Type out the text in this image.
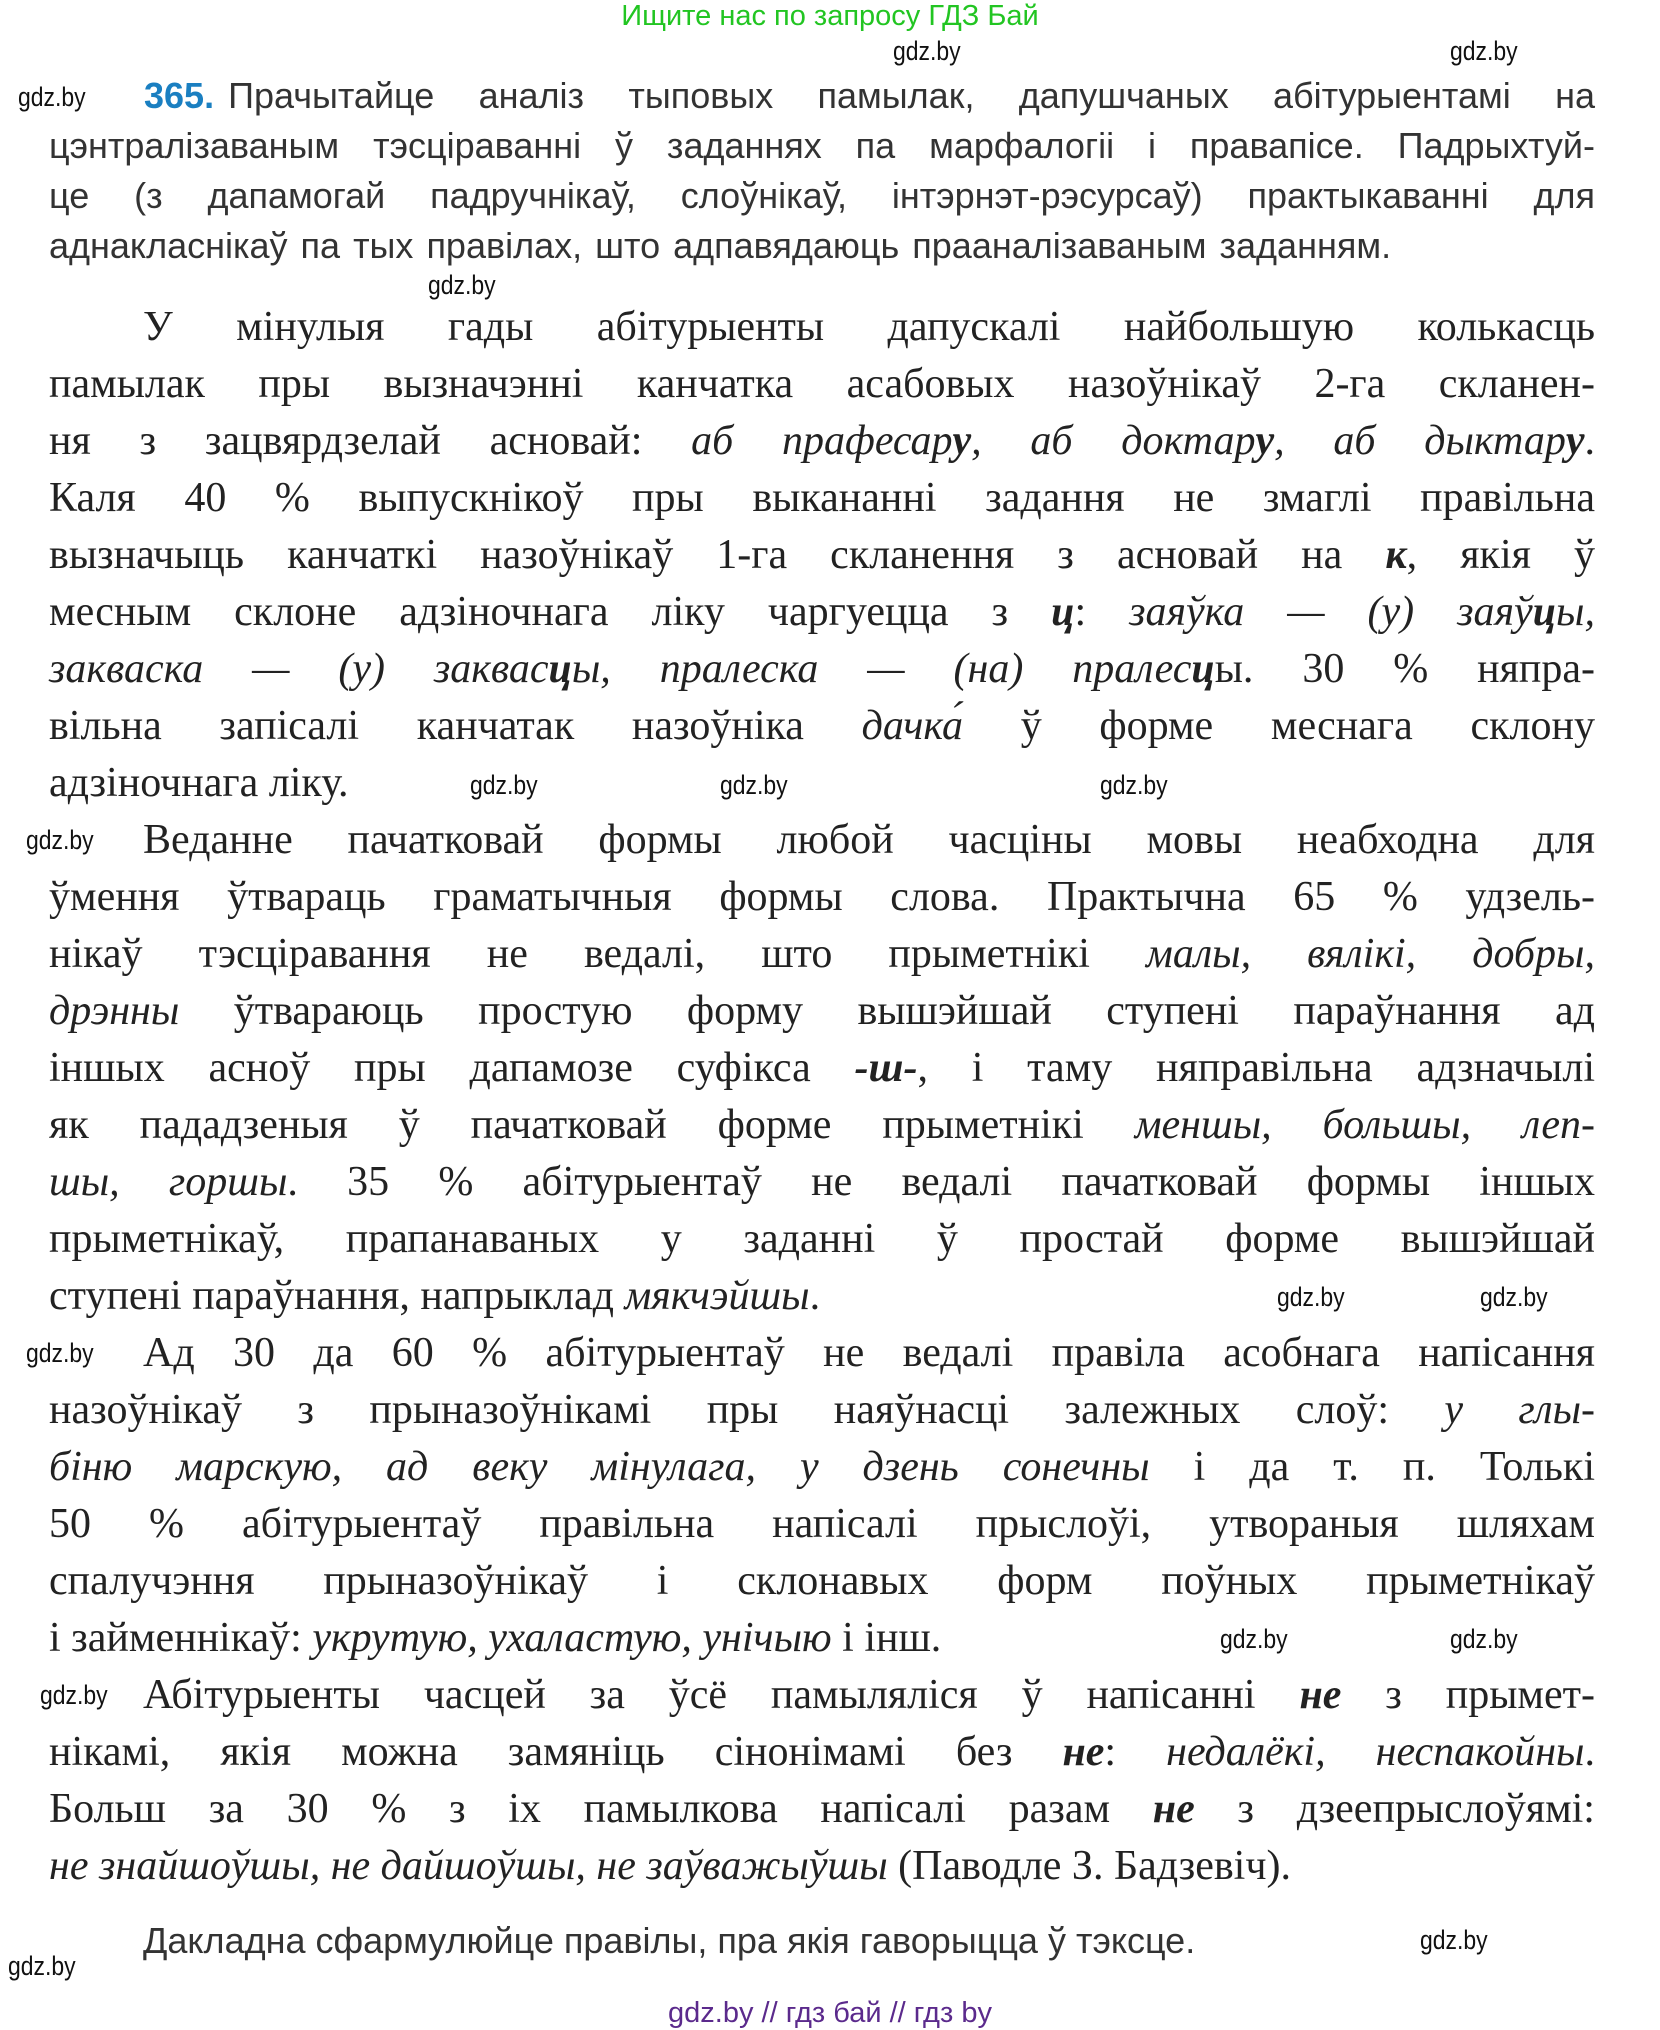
Ищите нас по запросу ГДЗ Бай
365. Прачытайце аналіз тыповых памылак, дапушчаных абітурыентамі на
цэнтралізаваным тэсціраванні ў заданнях па марфалогіі і правапісе. Падрыхтуй-
це (з дапамогай падручнікаў, слоўнікаў, інтэрнэт-рэсурсаў) практыкаванні для
аднакласнікаў па тых правілах, што адпавядаюць прааналізаваным заданням.
У мінулыя гады абітурыенты дапускалі найбольшую колькасць
памылак пры вызначэнні канчатка асабовых назоўнікаў 2-га скланен-
ня з зацвярдзелай асновай: аб прафесару, аб доктару, аб дыктару.
Каля 40 % выпускнікоў пры выкананні задання не змаглі правільна
вызначыць канчаткі назоўнікаў 1-га скланення з асновай на к, якія ў
месным склоне адзіночнага ліку чаргуецца з ц: заяўка — (у) заяўцы,
закваска — (у) заквасцы, пралеска — (на) пралесцы. 30 % няпра-
вільна запісалі канчатак назоўніка дачка́ ў форме меснага склону
адзіночнага ліку.
Веданне пачатковай формы любой часціны мовы неабходна для
ўмення ўтвараць граматычныя формы слова. Практычна 65 % удзель-
нікаў тэсціравання не ведалі, што прыметнікі малы, вялікі, добры,
дрэнны ўтвараюць простую форму вышэйшай ступені параўнання ад
іншых асноў пры дапамозе суфікса -ш-, і таму няправільна адзначылі
як пададзеныя ў пачатковай форме прыметнікі меншы, большы, леп-
шы, горшы. 35 % абітурыентаў не ведалі пачатковай формы іншых
прыметнікаў, прапанаваных у заданні ў простай форме вышэйшай
ступені параўнання, напрыклад мякчэйшы.
Ад 30 да 60 % абітурыентаў не ведалі правіла асобнага напісання
назоўнікаў з прыназоўнікамі пры наяўнасці залежных слоў: у глы-
біню марскую, ад веку мінулага, у дзень сонечны і да т. п. Толькі
50 % абітурыентаў правільна напісалі прыслоўі, утвораныя шляхам
спалучэння прыназоўнікаў і склонавых форм поўных прыметнікаў
і займеннікаў: укрутую, ухаластую, унічыю і інш.
Абітурыенты часцей за ўсё памыляліся ў напісанні не з прымет-
нікамі, якія можна замяніць сінонімамі без не: недалёкі, неспакойны.
Больш за 30 % з іх памылкова напісалі разам не з дзеепрыслоўямі:
не знайшоўшы, не дайшоўшы, не заўважыўшы (Паводле З. Бадзевіч).
Дакладна сфармулюйце правілы, пра якія гаворыцца ў тэксце.
gdz.by // гдз бай // гдз by
gdz.by
gdz.by
gdz.by
gdz.by
gdz.by	gdz.by
gdz.by
gdz.by
gdz.by
gdz.by
gdz.by
gdz.by	gdz.by
gdz.by
gdz.by
gdz.by
